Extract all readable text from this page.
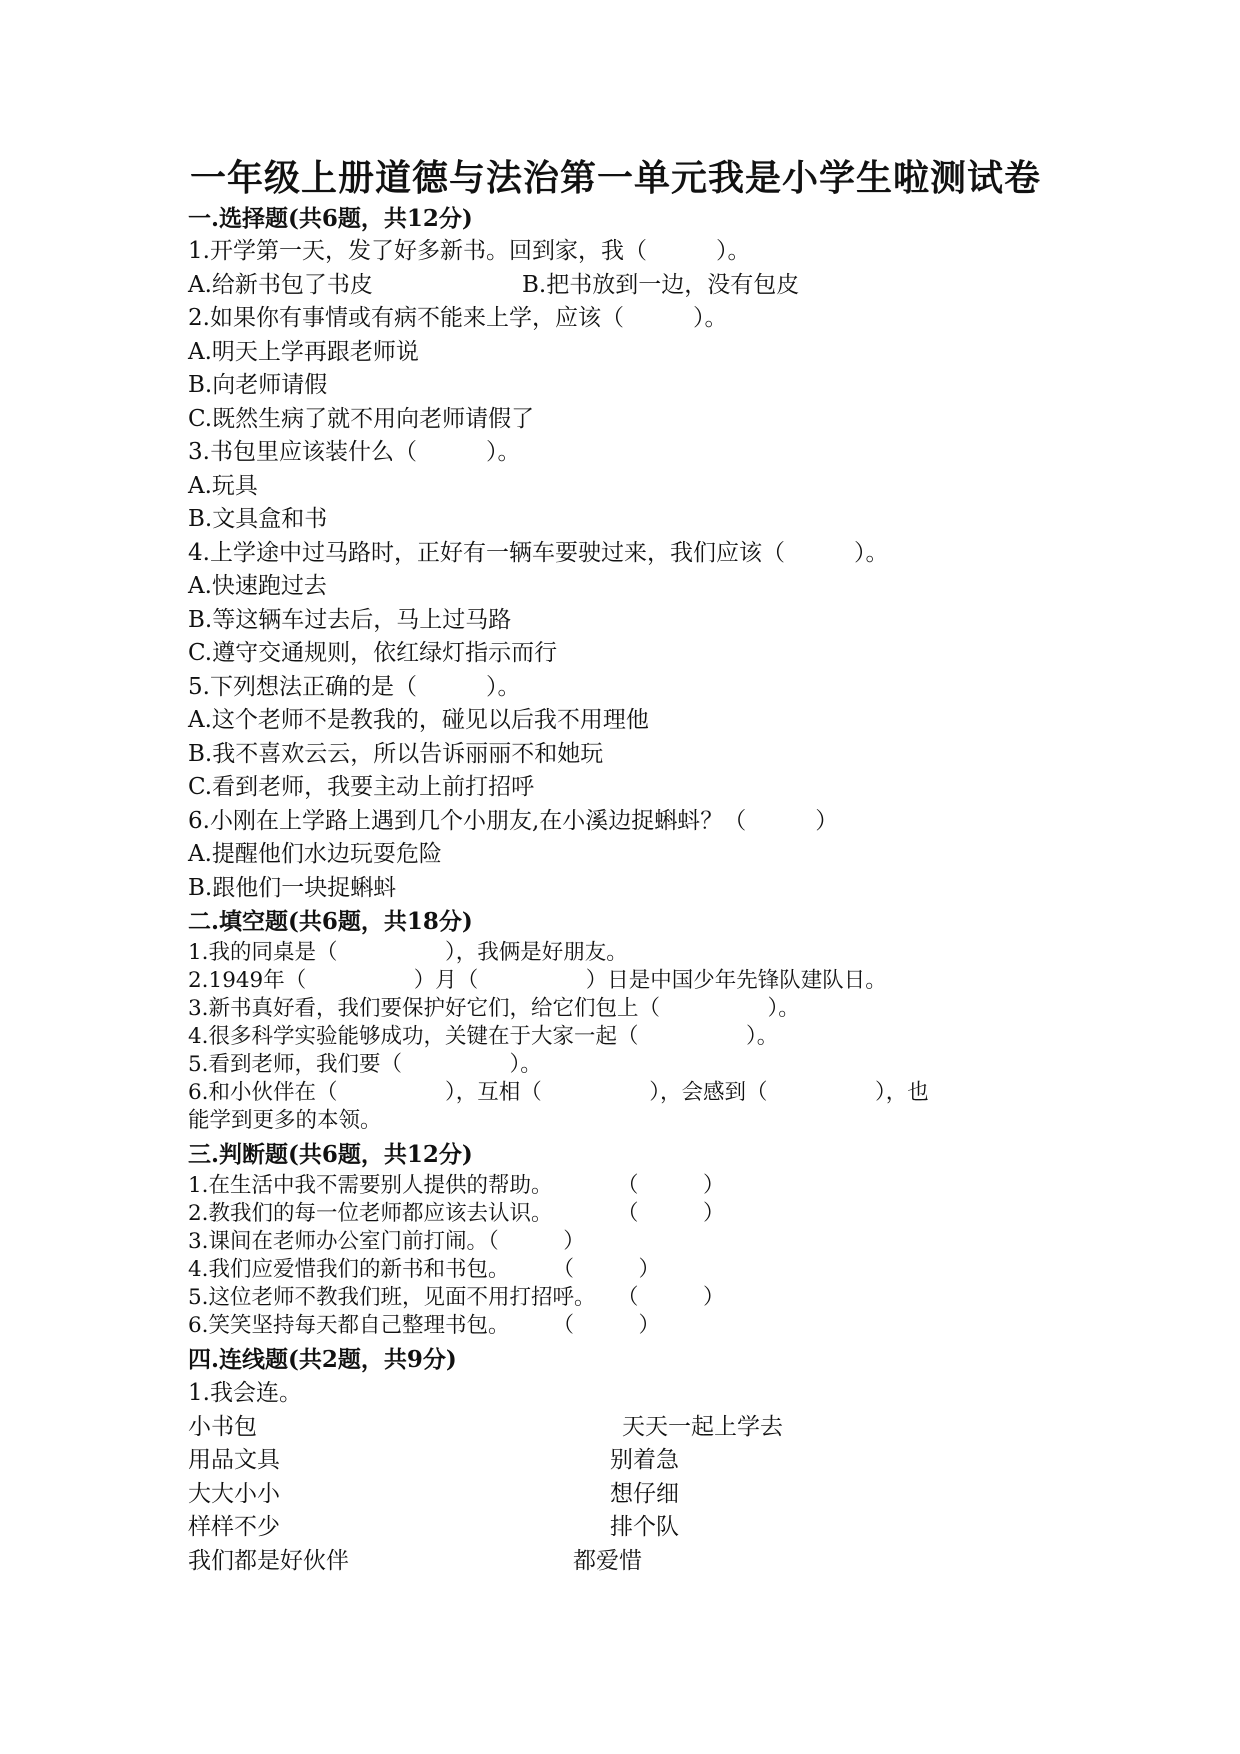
一年级上册道德与法治第一单元我是小学生啦测试卷
一.选择题(共6题，共12分)
1.开学第一天，发了好多新书。回到家，我（　　　）。
A.给新书包了书皮	B.把书放到一边，没有包皮
2.如果你有事情或有病不能来上学，应该（　　　）。
A.明天上学再跟老师说
B.向老师请假
C.既然生病了就不用向老师请假了
3.书包里应该装什么（　　　）。
A.玩具
B.文具盒和书
4.上学途中过马路时，正好有一辆车要驶过来，我们应该（　　　）。
A.快速跑过去
B.等这辆车过去后，马上过马路
C.遵守交通规则，依红绿灯指示而行
5.下列想法正确的是（　　　）。
A.这个老师不是教我的，碰见以后我不用理他
B.我不喜欢云云，所以告诉丽丽不和她玩
C.看到老师，我要主动上前打招呼
6.小刚在上学路上遇到几个小朋友,在小溪边捉蝌蚪？（　　　）
A.提醒他们水边玩耍危险
B.跟他们一块捉蝌蚪
二.填空题(共6题，共18分)
1.我的同桌是（　　　　　），我俩是好朋友。
2.1949年（　　　　　）月（　　　　　）日是中国少年先锋队建队日。
3.新书真好看，我们要保护好它们，给它们包上（　　　　　）。
4.很多科学实验能够成功，关键在于大家一起（　　　　　）。
5.看到老师，我们要（　　　　　）。
6.和小伙伴在（　　　　　），互相（　　　　　），会感到（　　　　　），也
能学到更多的本领。
三.判断题(共6题，共12分)
1.在生活中我不需要别人提供的帮助。　　　　（　　　）
2.教我们的每一位老师都应该去认识。　　　　（　　　）
3.课间在老师办公室门前打闹。（　　　）
4.我们应爱惜我们的新书和书包。　　　（　　　）
5.这位老师不教我们班，见面不用打招呼。　　（　　　）
6.笑笑坚持每天都自己整理书包。　　　（　　　）
四.连线题(共2题，共9分)
1.我会连。
小书包
用品文具
大大小小
样样不少
我们都是好伙伴
天天一起上学去
别着急
想仔细
排个队
都爱惜
